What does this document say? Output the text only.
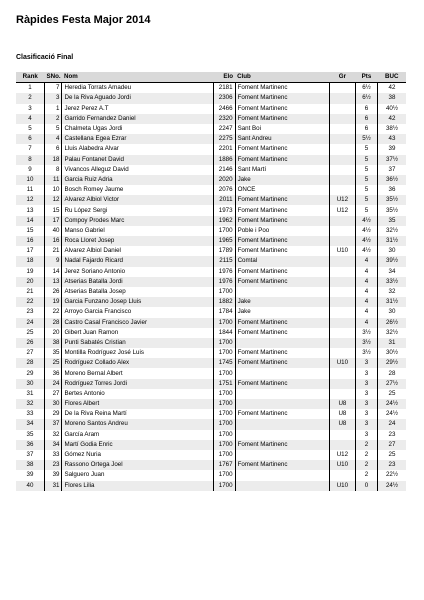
Ràpides Festa Major 2014
Clasificació Final
Rank	SNo.	Nom	Elo	Club	Gr	Pts	BUC
1	7	Heredia Torrats Amadeu	2181	Foment Martinenc		6½	42
2	3	De la Riva Aguado Jordi	2306	Foment Martinenc		6½	38
3	1	Jerez Perez A.T	2466	Foment Martinenc		6	40½
4	2	Garrido Fernandez Daniel	2320	Foment Martinenc		6	42
5	5	Chalmeta Ugas Jordi	2247	Sant Boi		6	38½
6	4	Castellana Egea Ezrar	2275	Sant Andreu		5½	43
7	6	Lluis Alabedra Alvar	2201	Foment Martinenc		5	39
8	18	Palau Fontanet David	1886	Foment Martinenc		5	37½
9	8	Vivancos Alleguz David	2146	Sant Martí		5	37
10	11	Garcia Ruiz Adria	2020	Jake		5	36½
11	10	Bosch Romey Jaume	2076	ONCE		5	36
12	12	Alvarez Albiol Victor	2011	Foment Martinenc	U12	5	35½
13	15	Ru López Sergi	1973	Foment Martinenc	U12	5	35½
14	17	Compoy Prodes Marc	1962	Foment Martinenc		4½	35
15	40	Manso Gabriel	1700	Poble i Poo		4½	32½
16	16	Roca Lloret Josep	1965	Foment Martinenc		4½	31½
17	21	Alvarez Albiol Daniel	1789	Foment Martinenc	U10	4½	30
18	9	Nadal Fajardo Ricard	2115	Comtal		4	39½
19	14	Jerez Soriano Antonio	1976	Foment Martinenc		4	34
20	13	Atserias Batalla Jordi	1976	Foment Martinenc		4	33½
21	26	Atserias Batalla Josep	1700			4	32
22	19	Garcia Funzano Josep Lluis	1882	Jake		4	31½
23	22	Arroyo Garcia Francisco	1784	Jake		4	30
24	28	Castro Casal Francisco Javier	1700	Foment Martinenc		4	26½
25	20	Gibert Juan Ramon	1844	Foment Martinenc		3½	32½
26	38	Punti Sabatés Cristian	1700			3½	31
27	35	Montilla Rodríguez José Luis	1700	Foment Martinenc		3½	30½
28	25	Rodríguez Collado Alex	1745	Foment Martinenc	U10	3	29½
29	36	Moreno Bernal Albert	1700			3	28
30	24	Rodríguez Torres Jordi	1751	Foment Martinenc		3	27½
31	27	Bertes Antonio	1700			3	25
32	30	Flores Albert	1700		U8	3	24½
33	29	De la Riva Reina Martí	1700	Foment Martinenc	U8	3	24½
34	37	Moreno Santos Andreu	1700		U8	3	24
35	32	García Aram	1700			3	23
36	34	Martí Godia Enric	1700	Foment Martinenc		2	27
37	33	Gómez Nuria	1700		U12	2	25
38	23	Rassono Ortega Joel	1767	Foment Martinenc	U10	2	23
39	39	Salguero Juan	1700			2	22½
40	31	Flores Lilia	1700		U10	0	24½
